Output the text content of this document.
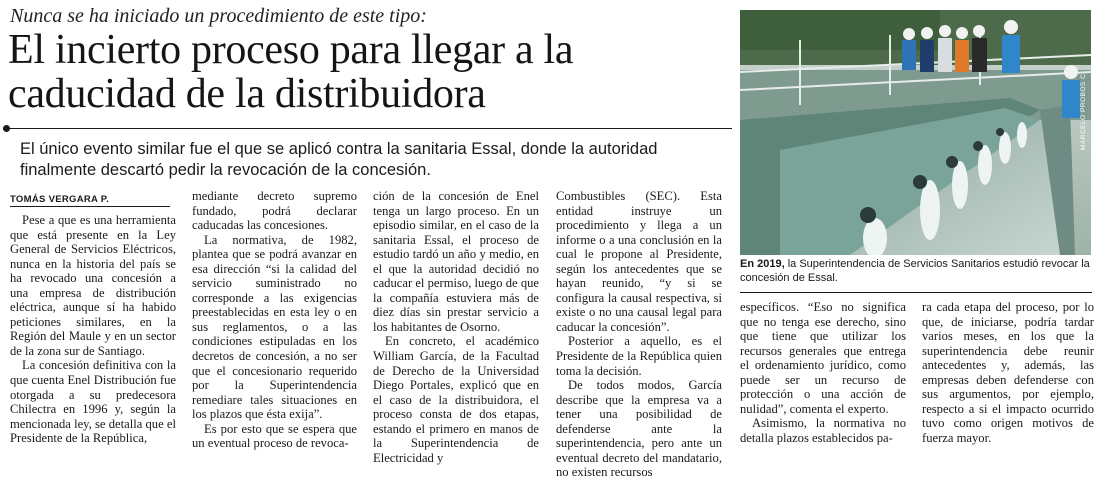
Nunca se ha iniciado un procedimiento de este tipo:
El incierto proceso para llegar a la caducidad de la distribuidora
El único evento similar fue el que se aplicó contra la sanitaria Essal, donde la autoridad finalmente descartó pedir la revocación de la concesión.
TOMÁS VERGARA P.

Pese a que es una herramienta que está presente en la Ley General de Servicios Eléctricos, nunca en la historia del país se ha revocado una concesión a una empresa de distribución eléctrica, aunque sí ha habido peticiones similares, en la Región del Maule y en un sector de la zona sur de Santiago.

La concesión definitiva con la que cuenta Enel Distribución fue otorgada a su predecesora Chilectra en 1996 y, según la mencionada ley, se detalla que el Presidente de la República,

mediante decreto supremo fundado, podrá declarar caducadas las concesiones.

La normativa, de 1982, plantea que se podrá avanzar en esa dirección “si la calidad del servicio suministrado no corresponde a las exigencias preestablecidas en esta ley o en sus reglamentos, o a las condiciones estipuladas en los decretos de concesión, a no ser que el concesionario requerido por la Superintendencia remediare tales situaciones en los plazos que ésta exija”.

Es por esto que se espera que un eventual proceso de revoca-

ción de la concesión de Enel tenga un largo proceso. En un episodio similar, en el caso de la sanitaria Essal, el proceso de estudio tardó un año y medio, en el que la autoridad decidió no caducar el permiso, luego de que la compañía estuviera más de diez días sin prestar servicio a los habitantes de Osorno.

En concreto, el académico William García, de la Facultad de Derecho de la Universidad Diego Portales, explicó que en el caso de la distribuidora, el proceso consta de dos etapas, estando el primero en manos de la Superintendencia de Electricidad y

Combustibles (SEC). Esta entidad instruye un procedimiento y llega a un informe o a una conclusión en la cual le propone al Presidente, según los antecedentes que se hayan reunido, “y si se configura la causal respectiva, si existe o no una causal legal para caducar la concesión”.

Posterior a aquello, es el Presidente de la República quien toma la decisión.

De todos modos, García describe que la empresa va a tener una posibilidad de defenderse ante la superintendencia, pero ante un eventual decreto del mandatario, no existen recursos

MARCELO PROBOS C.
En 2019, la Superintendencia de Servicios Sanitarios estudió revocar la concesión de Essal.

específicos. “Eso no significa que no tenga ese derecho, sino que tiene que utilizar los recursos generales que entrega el ordenamiento jurídico, como puede ser un recurso de protección o una acción de nulidad”, comenta el experto.

Asimismo, la normativa no detalla plazos establecidos pa-

ra cada etapa del proceso, por lo que, de iniciarse, podría tardar varios meses, en los que la superintendencia debe reunir antecedentes y, además, las empresas deben defenderse con sus argumentos, por ejemplo, respecto a si el impacto ocurrido tuvo como origen motivos de fuerza mayor.
